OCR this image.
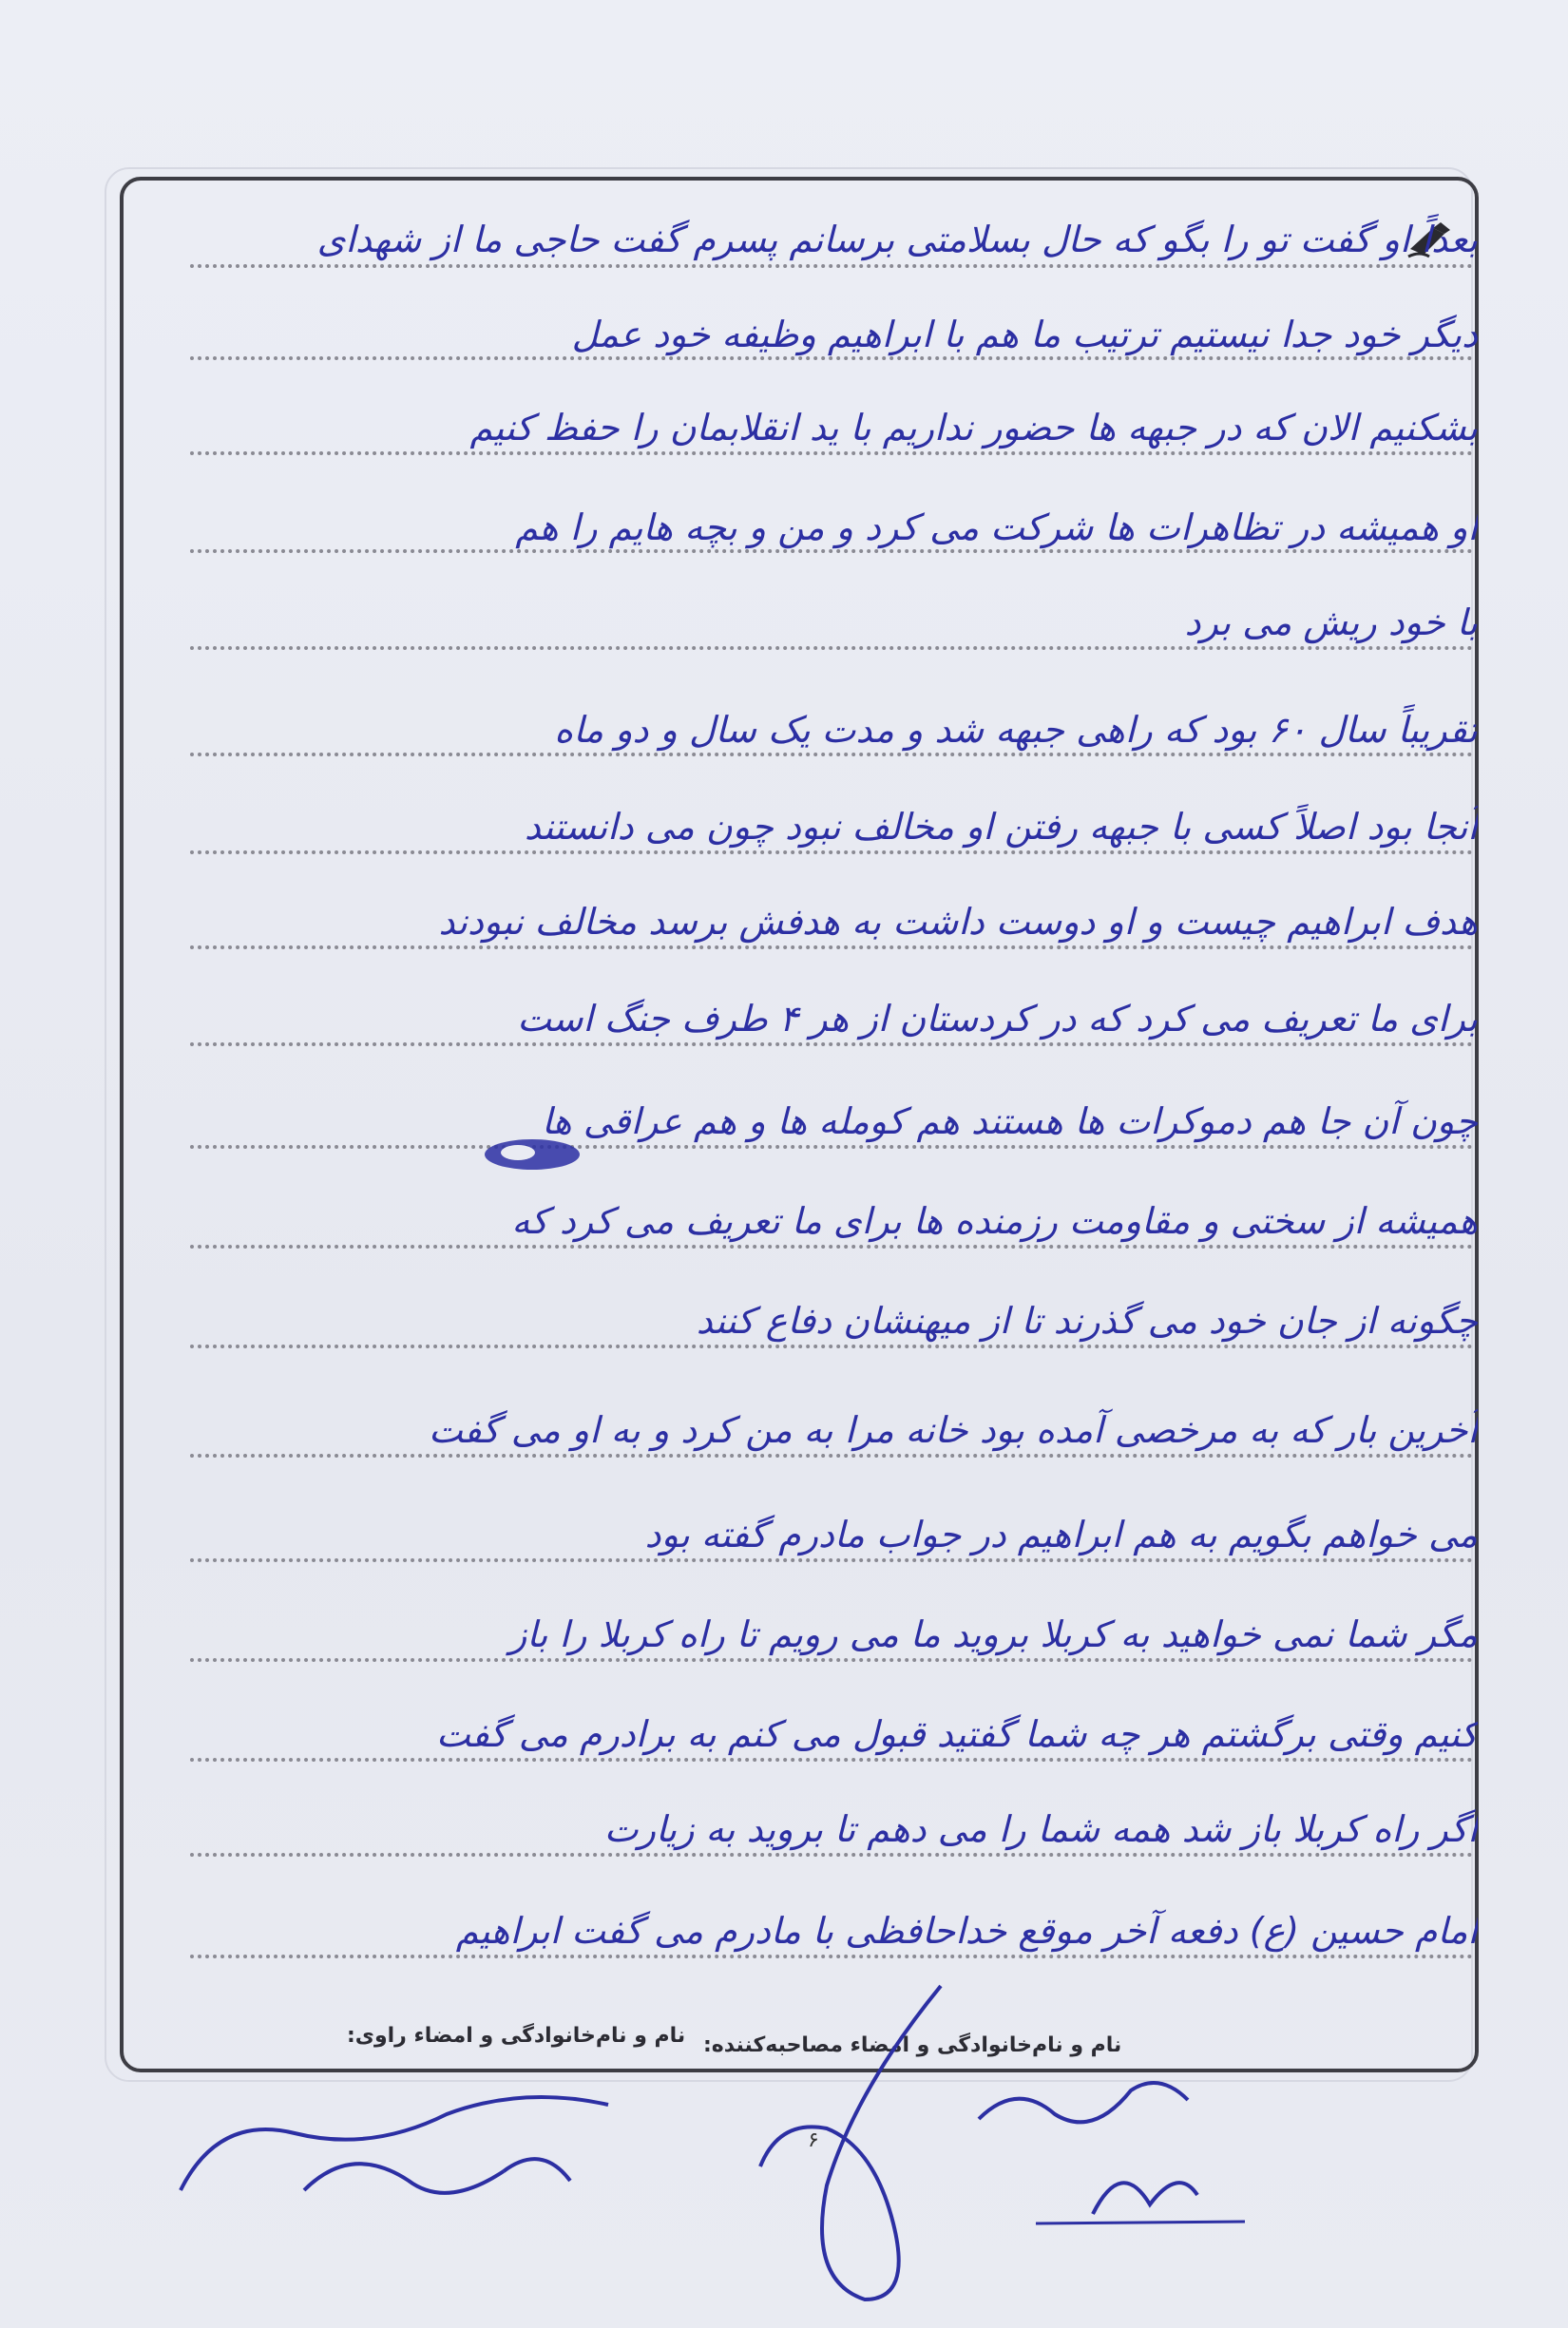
بعداً او گفت تو را بگو که حال بسلامتی برسانم پسرم گفت حاجی ما از شهدای
دیگر خود جدا نیستیم ترتیب ما هم با ابراهیم وظیفه خود عمل
بشکنیم الان که در جبهه ها حضور نداریم با ید انقلابمان را حفظ کنیم
او همیشه در تظاهرات ها شرکت می کرد و من و بچه هایم را هم
با خود ریش می برد
تقریباً سال ۶۰ بود که راهی جبهه شد و مدت یک سال و دو ماه
آنجا بود اصلاً کسی با جبهه رفتن او مخالف نبود چون می دانستند
هدف ابراهیم چیست و او دوست داشت به هدفش برسد مخالف نبودند
برای ما تعریف می کرد که در کردستان از هر ۴ طرف جنگ است
چون آن جا هم دموکرات ها هستند هم کومله ها و هم عراقی ها
همیشه از سختی و مقاومت رزمنده ها برای ما تعریف می کرد که
چگونه از جان خود می گذرند تا از میهنشان دفاع کنند
آخرین بار که به مرخصی آمده بود خانه مرا به من کرد و به او می گفت
می خواهم بگویم به هم ابراهیم در جواب مادرم گفته بود
مگر شما نمی خواهید به کربلا بروید ما می رویم تا راه کربلا را باز
کنیم وقتی برگشتم هر چه شما گفتید قبول می کنم به برادرم می گفت
اگر راه کربلا باز شد همه شما را می دهم تا بروید به زیارت
امام حسین (ع) دفعه آخر موقع خداحافظی با مادرم می گفت ابراهیم
نام و نام‌خانوادگی و امضاء مصاحبه‌کننده:
نام و نام‌خانوادگی و امضاء راوی:
۶
